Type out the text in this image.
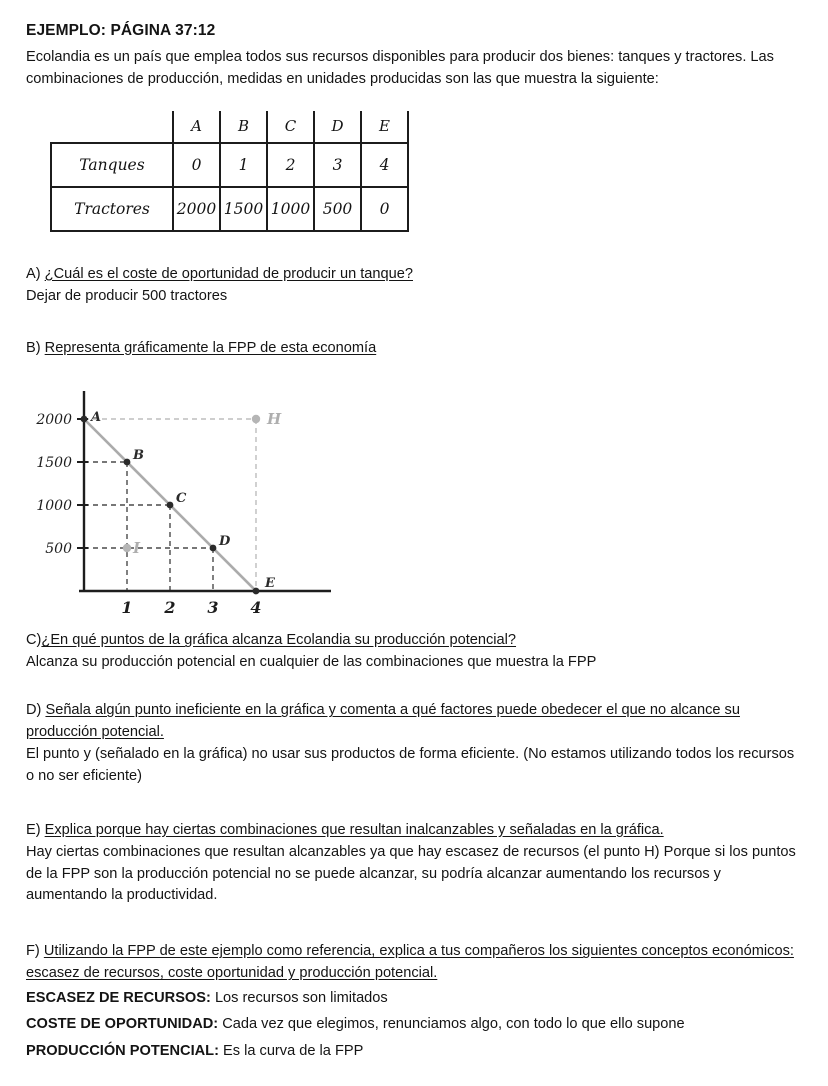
EJEMPLO: PÁGINA 37:12
Ecolandia es un país que emplea todos sus recursos disponibles para producir dos bienes: tanques y tractores. Las combinaciones de producción, medidas en unidades producidas son las que muestra la siguiente:
	A	B	C	D	E
Tanques	0	1	2	3	4
Tractores	2000	1500	1000	500	0
A) ¿Cuál es el coste de oportunidad de producir un tanque?
Dejar de producir 500 tractores
B) Representa gráficamente la FPP de esta economía
500
1000
1500
2000
1 2 3 4
A
B
C
D
E
H
I
C)¿En qué puntos de la gráfica alcanza Ecolandia su producción potencial?
Alcanza su producción potencial en cualquier de las combinaciones que muestra la FPP
D) Señala algún punto ineficiente en la gráfica y comenta a qué factores puede obedecer el que no alcance su producción potencial.
El punto y (señalado en la gráfica) no usar sus productos de forma eficiente. (No estamos utilizando todos los recursos o no ser eficiente)
E) Explica porque hay ciertas combinaciones que resultan inalcanzables y señaladas en la gráfica.
Hay ciertas combinaciones que resultan alcanzables ya que hay escasez de recursos (el punto H) Porque si los puntos de la FPP son la producción potencial no se puede alcanzar, su podría alcanzar aumentando los recursos y aumentando la productividad.
F) Utilizando la FPP de este ejemplo como referencia, explica a tus compañeros los siguientes conceptos económicos: escasez de recursos, coste oportunidad y producción potencial.
ESCASEZ DE RECURSOS: Los recursos son limitados
COSTE DE OPORTUNIDAD: Cada vez que elegimos, renunciamos algo, con todo lo que ello supone
PRODUCCIÓN POTENCIAL: Es la curva de la FPP
